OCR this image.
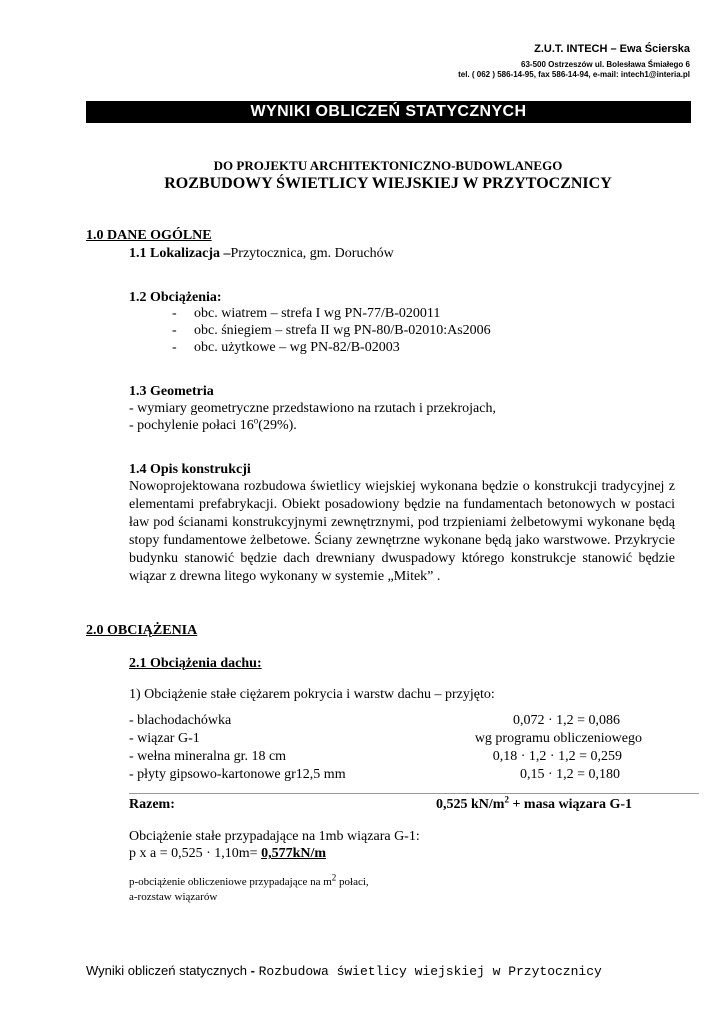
Z.U.T. INTECH – Ewa Ścierska
63-500 Ostrzeszów ul. Bolesława Śmiałego 6
tel. ( 062 ) 586-14-95, fax 586-14-94, e-mail: intech1@interia.pl
WYNIKI OBLICZEŃ STATYCZNYCH
DO PROJEKTU ARCHITEKTONICZNO-BUDOWLANEGO
ROZBUDOWY ŚWIETLICY WIEJSKIEJ W PRZYTOCZNICY
1.0 DANE OGÓLNE
1.1 Lokalizacja –Przytocznica, gm. Doruchów
1.2 Obciążenia:
- obc. wiatrem – strefa I wg PN-77/B-020011
- obc. śniegiem – strefa II wg PN-80/B-02010:As2006
- obc. użytkowe – wg PN-82/B-02003
1.3 Geometria
- wymiary geometryczne przedstawiono na rzutach i przekrojach,
- pochylenie połaci 16$^o$(29%).
1.4 Opis konstrukcji
Nowoprojektowana rozbudowa świetlicy wiejskiej wykonana będzie o konstrukcji tradycyjnej z elementami prefabrykacji. Obiekt posadowiony będzie na fundamentach betonowych w postaci ław pod ścianami konstrukcyjnymi zewnętrznymi, pod trzpieniami żelbetowymi wykonane będą stopy fundamentowe żelbetowe. Ściany zewnętrzne wykonane będą jako warstwowe. Przykrycie budynku stanowić będzie dach drewniany dwuspadowy którego konstrukcje stanowić będzie wiązar z drewna litego wykonany w systemie „Mitek” .
2.0 OBCIĄŻENIA
2.1 Obciążenia dachu:
1) Obciążenie stałe ciężarem pokrycia i warstw dachu – przyjęto:
- blachodachówka	0,072 · 1,2 = 0,086
- wiązar G-1	wg programu obliczeniowego
- wełna mineralna gr. 18 cm	0,18 · 1,2 · 1,2 = 0,259
- płyty gipsowo-kartonowe gr12,5 mm	0,15 · 1,2 = 0,180
Razem:	0,525 $kN/m^2$ + masa wiązara G-1
Obciążenie stałe przypadające na 1mb wiązara G-1:
p x a = 0,525 · 1,10m= 0,577kN/m
p-obciążenie obliczeniowe przypadające na $m^2$ połaci,
a-rozstaw wiązarów
Wyniki obliczeń statycznych - Rozbudowa świetlicy wiejskiej w Przytocznicy
